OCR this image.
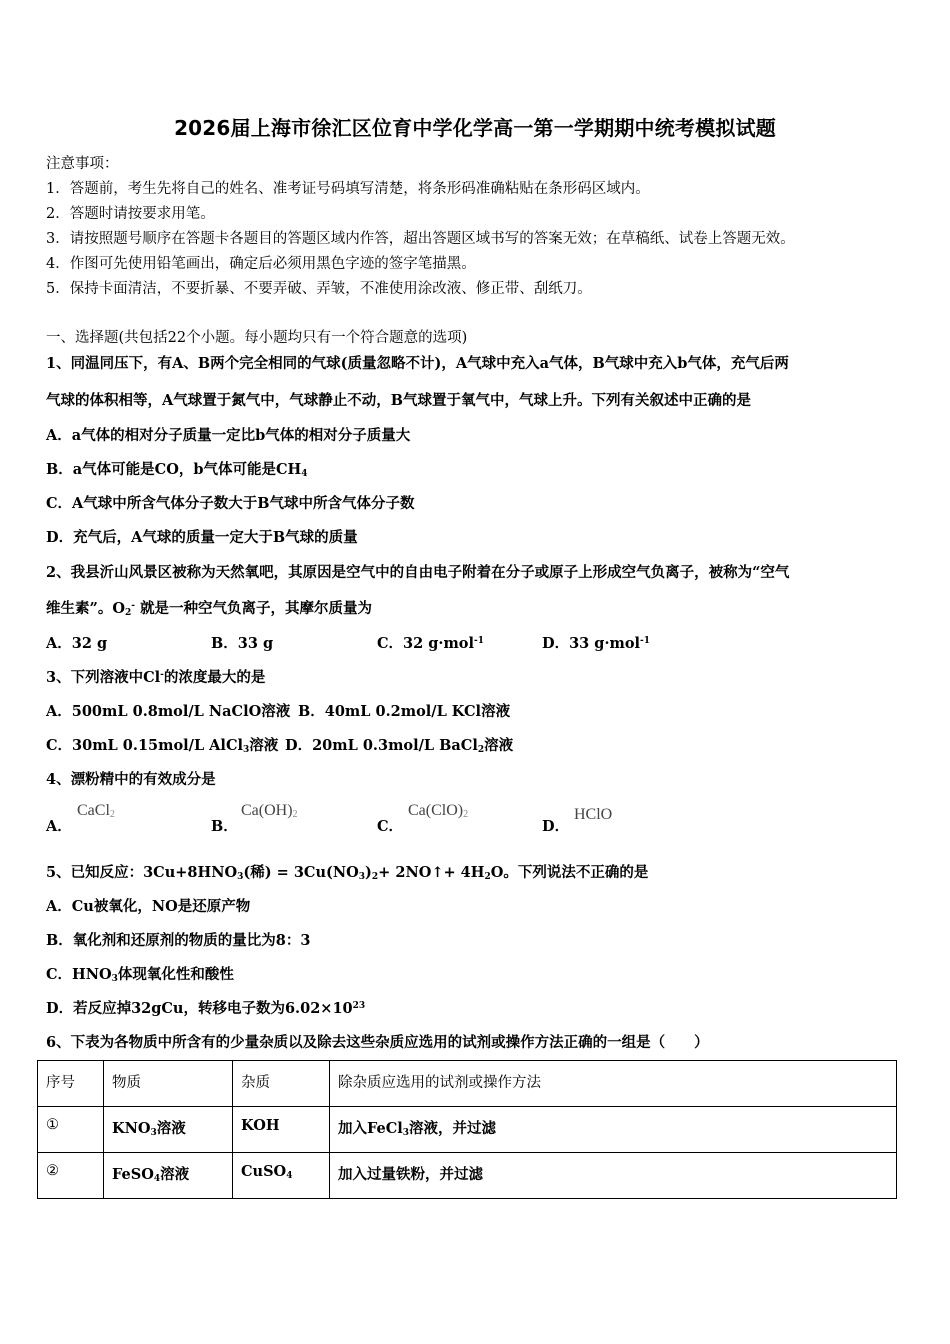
2026届上海市徐汇区位育中学化学高一第一学期期中统考模拟试题
注意事项：
1．答题前，考生先将自己的姓名、准考证号码填写清楚，将条形码准确粘贴在条形码区域内。
2．答题时请按要求用笔。
3．请按照题号顺序在答题卡各题目的答题区域内作答，超出答题区域书写的答案无效；在草稿纸、试卷上答题无效。
4．作图可先使用铅笔画出，确定后必须用黑色字迹的签字笔描黑。
5．保持卡面清洁，不要折暴、不要弄破、弄皱，不准使用涂改液、修正带、刮纸刀。
一、选择题(共包括22个小题。每小题均只有一个符合题意的选项)
1、同温同压下，有A、B两个完全相同的气球(质量忽略不计)，A气球中充入a气体，B气球中充入b气体，充气后两
气球的体积相等，A气球置于氮气中，气球静止不动，B气球置于氧气中，气球上升。下列有关叙述中正确的是
A．a气体的相对分子质量一定比b气体的相对分子质量大
B．a气体可能是CO，b气体可能是$CH_4$
C．A气球中所含气体分子数大于B气球中所含气体分子数
D．充气后，A气球的质量一定大于B气球的质量
2、我县沂山风景区被称为天然氧吧，其原因是空气中的自由电子附着在分子或原子上形成空气负离子，被称为“空气
维生素”。$O_2^-$ 就是一种空气负离子，其摩尔质量为
A．32 g	B．33 g	C．32 g·mol$^{-1}$	D．33 g·mol$^{-1}$
3、下列溶液中Cl-的浓度最大的是
A．500mL 0.8mol/L NaClO溶液 B．40mL 0.2mol/L KCl溶液
C．30mL 0.15mol/L AlCl$_3$溶液 D．20mL 0.3mol/L BaCl$_2$溶液
4、漂粉精中的有效成分是
A．
CaCl$_2$
B．
$Ca(OH)_2$
C．
$Ca(ClO)_2$
D．
HClO
5、已知反应：$3Cu+8HNO_3$(稀) = $3Cu(NO_3)_2+$ 2NO↑+ $4H_2O$。下列说法不正确的是
A．Cu被氧化，NO是还原产物
B．氧化剂和还原剂的物质的量比为8：3
C．$HNO_3$体现氧化性和酸性
D．若反应掉32gCu，转移电子数为$6.02\times 10^{23}$
6、下表为各物质中所含有的少量杂质以及除去这些杂质应选用的试剂或操作方法正确的一组是（　　）
序号	物质	杂质	除杂质应选用的试剂或操作方法
①	$KNO_3$溶液	KOH	加入FeCl$_3$溶液，并过滤
②	FeSO$_4$溶液	CuSO$_4$	加入过量铁粉，并过滤
